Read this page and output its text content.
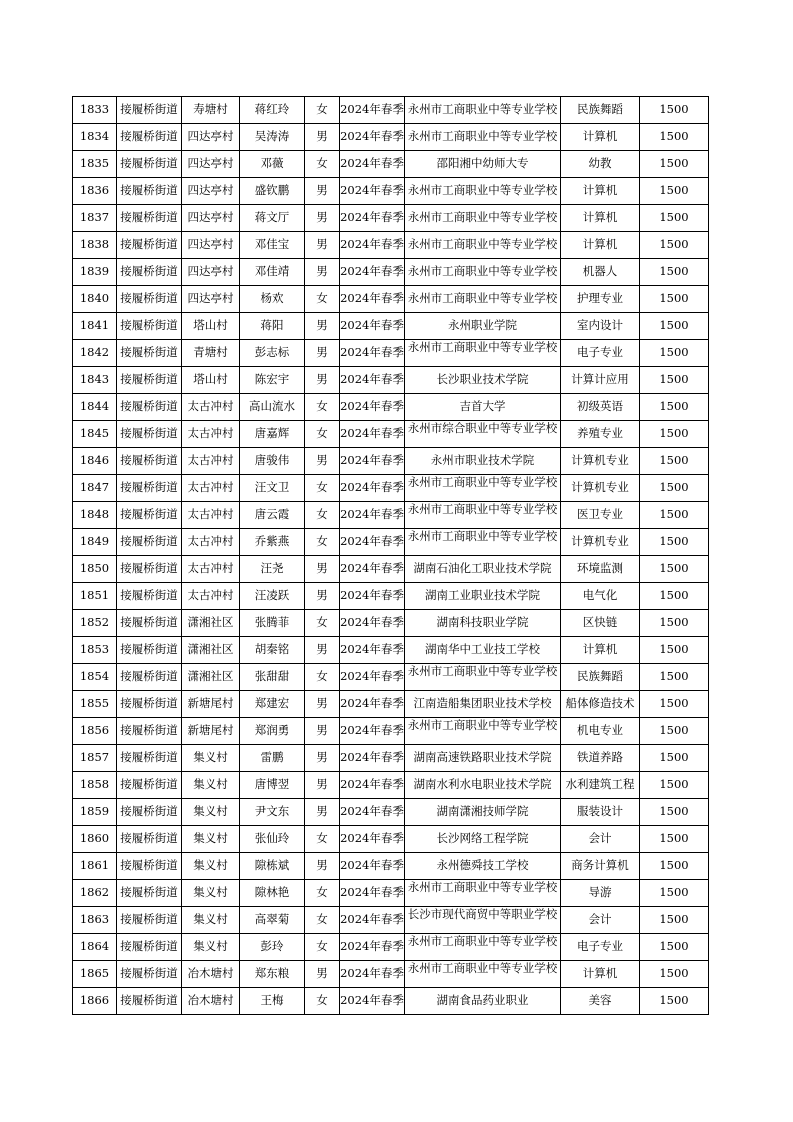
1833	接履桥街道	寿塘村	蒋红玲	女	2024年春季	永州市工商职业中等专业学校	民族舞蹈	1500

1834	接履桥街道	四达亭村	吴涛涛	男	2024年春季	永州市工商职业中等专业学校	计算机	1500

1835	接履桥街道	四达亭村	邓薇	女	2024年春季	邵阳湘中幼师大专	幼教	1500

1836	接履桥街道	四达亭村	盛钦鹏	男	2024年春季	永州市工商职业中等专业学校	计算机	1500

1837	接履桥街道	四达亭村	蒋文厅	男	2024年春季	永州市工商职业中等专业学校	计算机	1500

1838	接履桥街道	四达亭村	邓佳宝	男	2024年春季	永州市工商职业中等专业学校	计算机	1500

1839	接履桥街道	四达亭村	邓佳靖	男	2024年春季	永州市工商职业中等专业学校	机器人	1500

1840	接履桥街道	四达亭村	杨欢	女	2024年春季	永州市工商职业中等专业学校	护理专业	1500

1841	接履桥街道	塔山村	蒋阳	男	2024年春季	永州职业学院	室内设计	1500

1842	接履桥街道	青塘村	彭志标	男	2024年春季	永州市工商职业中等专业学校	电子专业	1500

1843	接履桥街道	塔山村	陈宏宇	男	2024年春季	长沙职业技术学院	计算计应用	1500

1844	接履桥街道	太古冲村	高山流水	女	2024年春季	吉首大学	初级英语	1500

1845	接履桥街道	太古冲村	唐嘉辉	女	2024年春季	永州市综合职业中等专业学校	养殖专业	1500

1846	接履桥街道	太古冲村	唐骏伟	男	2024年春季	永州市职业技术学院	计算机专业	1500

1847	接履桥街道	太古冲村	汪文卫	女	2024年春季	永州市工商职业中等专业学校	计算机专业	1500

1848	接履桥街道	太古冲村	唐云霞	女	2024年春季	永州市工商职业中等专业学校	医卫专业	1500

1849	接履桥街道	太古冲村	乔紫燕	女	2024年春季	永州市工商职业中等专业学校	计算机专业	1500

1850	接履桥街道	太古冲村	汪尧	男	2024年春季	湖南石油化工职业技术学院	环境监测	1500

1851	接履桥街道	太古冲村	汪凌跃	男	2024年春季	湖南工业职业技术学院	电气化	1500

1852	接履桥街道	潇湘社区	张腾菲	女	2024年春季	湖南科技职业学院	区快链	1500

1853	接履桥街道	潇湘社区	胡秦铭	男	2024年春季	湖南华中工业技工学校	计算机	1500

1854	接履桥街道	潇湘社区	张甜甜	女	2024年春季	永州市工商职业中等专业学校	民族舞蹈	1500

1855	接履桥街道	新塘尾村	郑建宏	男	2024年春季	江南造船集团职业技术学校	船体修造技术	1500

1856	接履桥街道	新塘尾村	郑润勇	男	2024年春季	永州市工商职业中等专业学校	机电专业	1500

1857	接履桥街道	集义村	雷鹏	男	2024年春季	湖南高速铁路职业技术学院	铁道养路	1500

1858	接履桥街道	集义村	唐博翌	男	2024年春季	湖南水利水电职业技术学院	水利建筑工程	1500

1859	接履桥街道	集义村	尹文东	男	2024年春季	湖南潇湘技师学院	服装设计	1500

1860	接履桥街道	集义村	张仙玲	女	2024年春季	长沙网络工程学院	会计	1500

1861	接履桥街道	集义村	隙栋斌	男	2024年春季	永州德舜技工学校	商务计算机	1500

1862	接履桥街道	集义村	隙林艳	女	2024年春季	永州市工商职业中等专业学校	导游	1500

1863	接履桥街道	集义村	高翠菊	女	2024年春季	长沙市现代商贸中等职业学校	会计	1500

1864	接履桥街道	集义村	彭玲	女	2024年春季	永州市工商职业中等专业学校	电子专业	1500

1865	接履桥街道	冶木塘村	郑东粮	男	2024年春季	永州市工商职业中等专业学校	计算机	1500

1866	接履桥街道	冶木塘村	王梅	女	2024年春季	湖南食品药业职业	美容	1500
